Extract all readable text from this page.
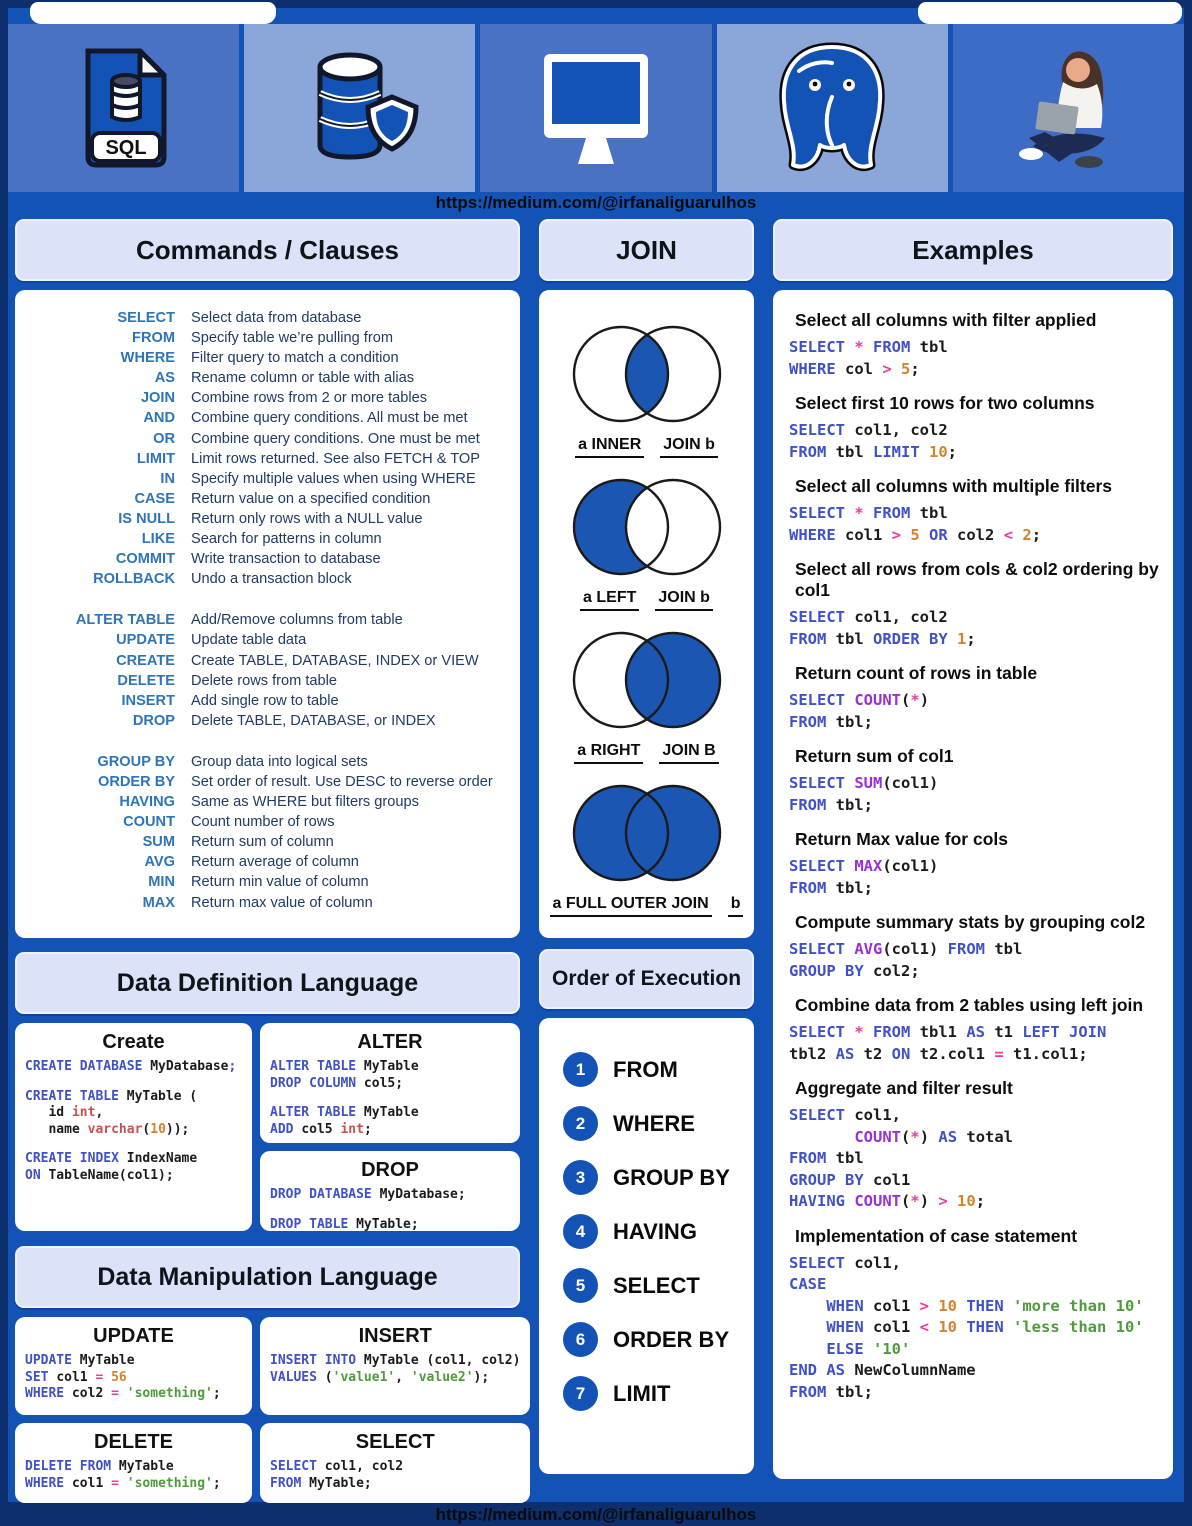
SQL
https://medium.com/@irfanaliguarulhos
Commands / Clauses
SELECT Select data from database
FROM Specify table we’re pulling from
WHERE Filter query to match a condition
AS Rename column or table with alias
JOIN Combine rows from 2 or more tables
AND Combine query conditions. All must be met
OR Combine query conditions. One must be met
LIMIT Limit rows returned. See also FETCH & TOP
IN Specify multiple values when using WHERE
CASE Return value on a specified condition
IS NULL Return only rows with a NULL value
LIKE Search for patterns in column
COMMIT Write transaction to database
ROLLBACK Undo a transaction block
ALTER TABLE Add/Remove columns from table
UPDATE Update table data
CREATE Create TABLE, DATABASE, INDEX or VIEW
DELETE Delete rows from table
INSERT Add single row to table
DROP Delete TABLE, DATABASE, or INDEX
GROUP BY Group data into logical sets
ORDER BY Set order of result. Use DESC to reverse order
HAVING Same as WHERE but filters groups
COUNT Count number of rows
SUM Return sum of column
AVG Return average of column
MIN Return min value of column
MAX Return max value of column
Data Definition Language
Create
CREATE DATABASE MyDatabase;
CREATE TABLE MyTable (
id int,
name varchar(10));
CREATE INDEX IndexName
ON TableName(col1);
ALTER
ALTER TABLE MyTable
DROP COLUMN col5;
ALTER TABLE MyTable
ADD col5 int;
DROP
DROP DATABASE MyDatabase;
DROP TABLE MyTable;
Data Manipulation Language
UPDATE
UPDATE MyTable
SET col1 = 56
WHERE col2 = 'something';
INSERT
INSERT INTO MyTable (col1, col2)
VALUES ('value1', 'value2');
DELETE
DELETE FROM MyTable
WHERE col1 = 'something';
SELECT
SELECT col1, col2
FROM MyTable;
JOIN
a INNER JOIN b
a LEFT JOIN b
a RIGHT JOIN B
a FULL OUTER JOIN b
Order of Execution
1	FROM
2	WHERE
3	GROUP BY
4	HAVING
5	SELECT
6	ORDER BY
7	LIMIT
Examples
Select all columns with filter applied
SELECT * FROM tbl
WHERE col > 5;
Select first 10 rows for two columns
SELECT col1, col2
FROM tbl LIMIT 10;
Select all columns with multiple filters
SELECT * FROM tbl
WHERE col1 > 5 OR col2 < 2;
Select all rows from cols & col2 ordering by col1
SELECT col1, col2
FROM tbl ORDER BY 1;
Return count of rows in table
SELECT COUNT(*)
FROM tbl;
Return sum of col1
SELECT SUM(col1)
FROM tbl;
Return Max value for cols
SELECT MAX(col1)
FROM tbl;
Compute summary stats by grouping col2
SELECT AVG(col1) FROM tbl
GROUP BY col2;
Combine data from 2 tables using left join
SELECT * FROM tbl1 AS t1 LEFT JOIN
tbl2 AS t2 ON t2.col1 = t1.col1;
Aggregate and filter result
SELECT col1,
COUNT(*) AS total
FROM tbl
GROUP BY col1
HAVING COUNT(*) > 10;
Implementation of case statement
SELECT col1,
CASE
WHEN col1 > 10 THEN 'more than 10'
WHEN col1 < 10 THEN 'less than 10'
ELSE '10'
END AS NewColumnName
FROM tbl;
https://medium.com/@irfanaliguarulhos
